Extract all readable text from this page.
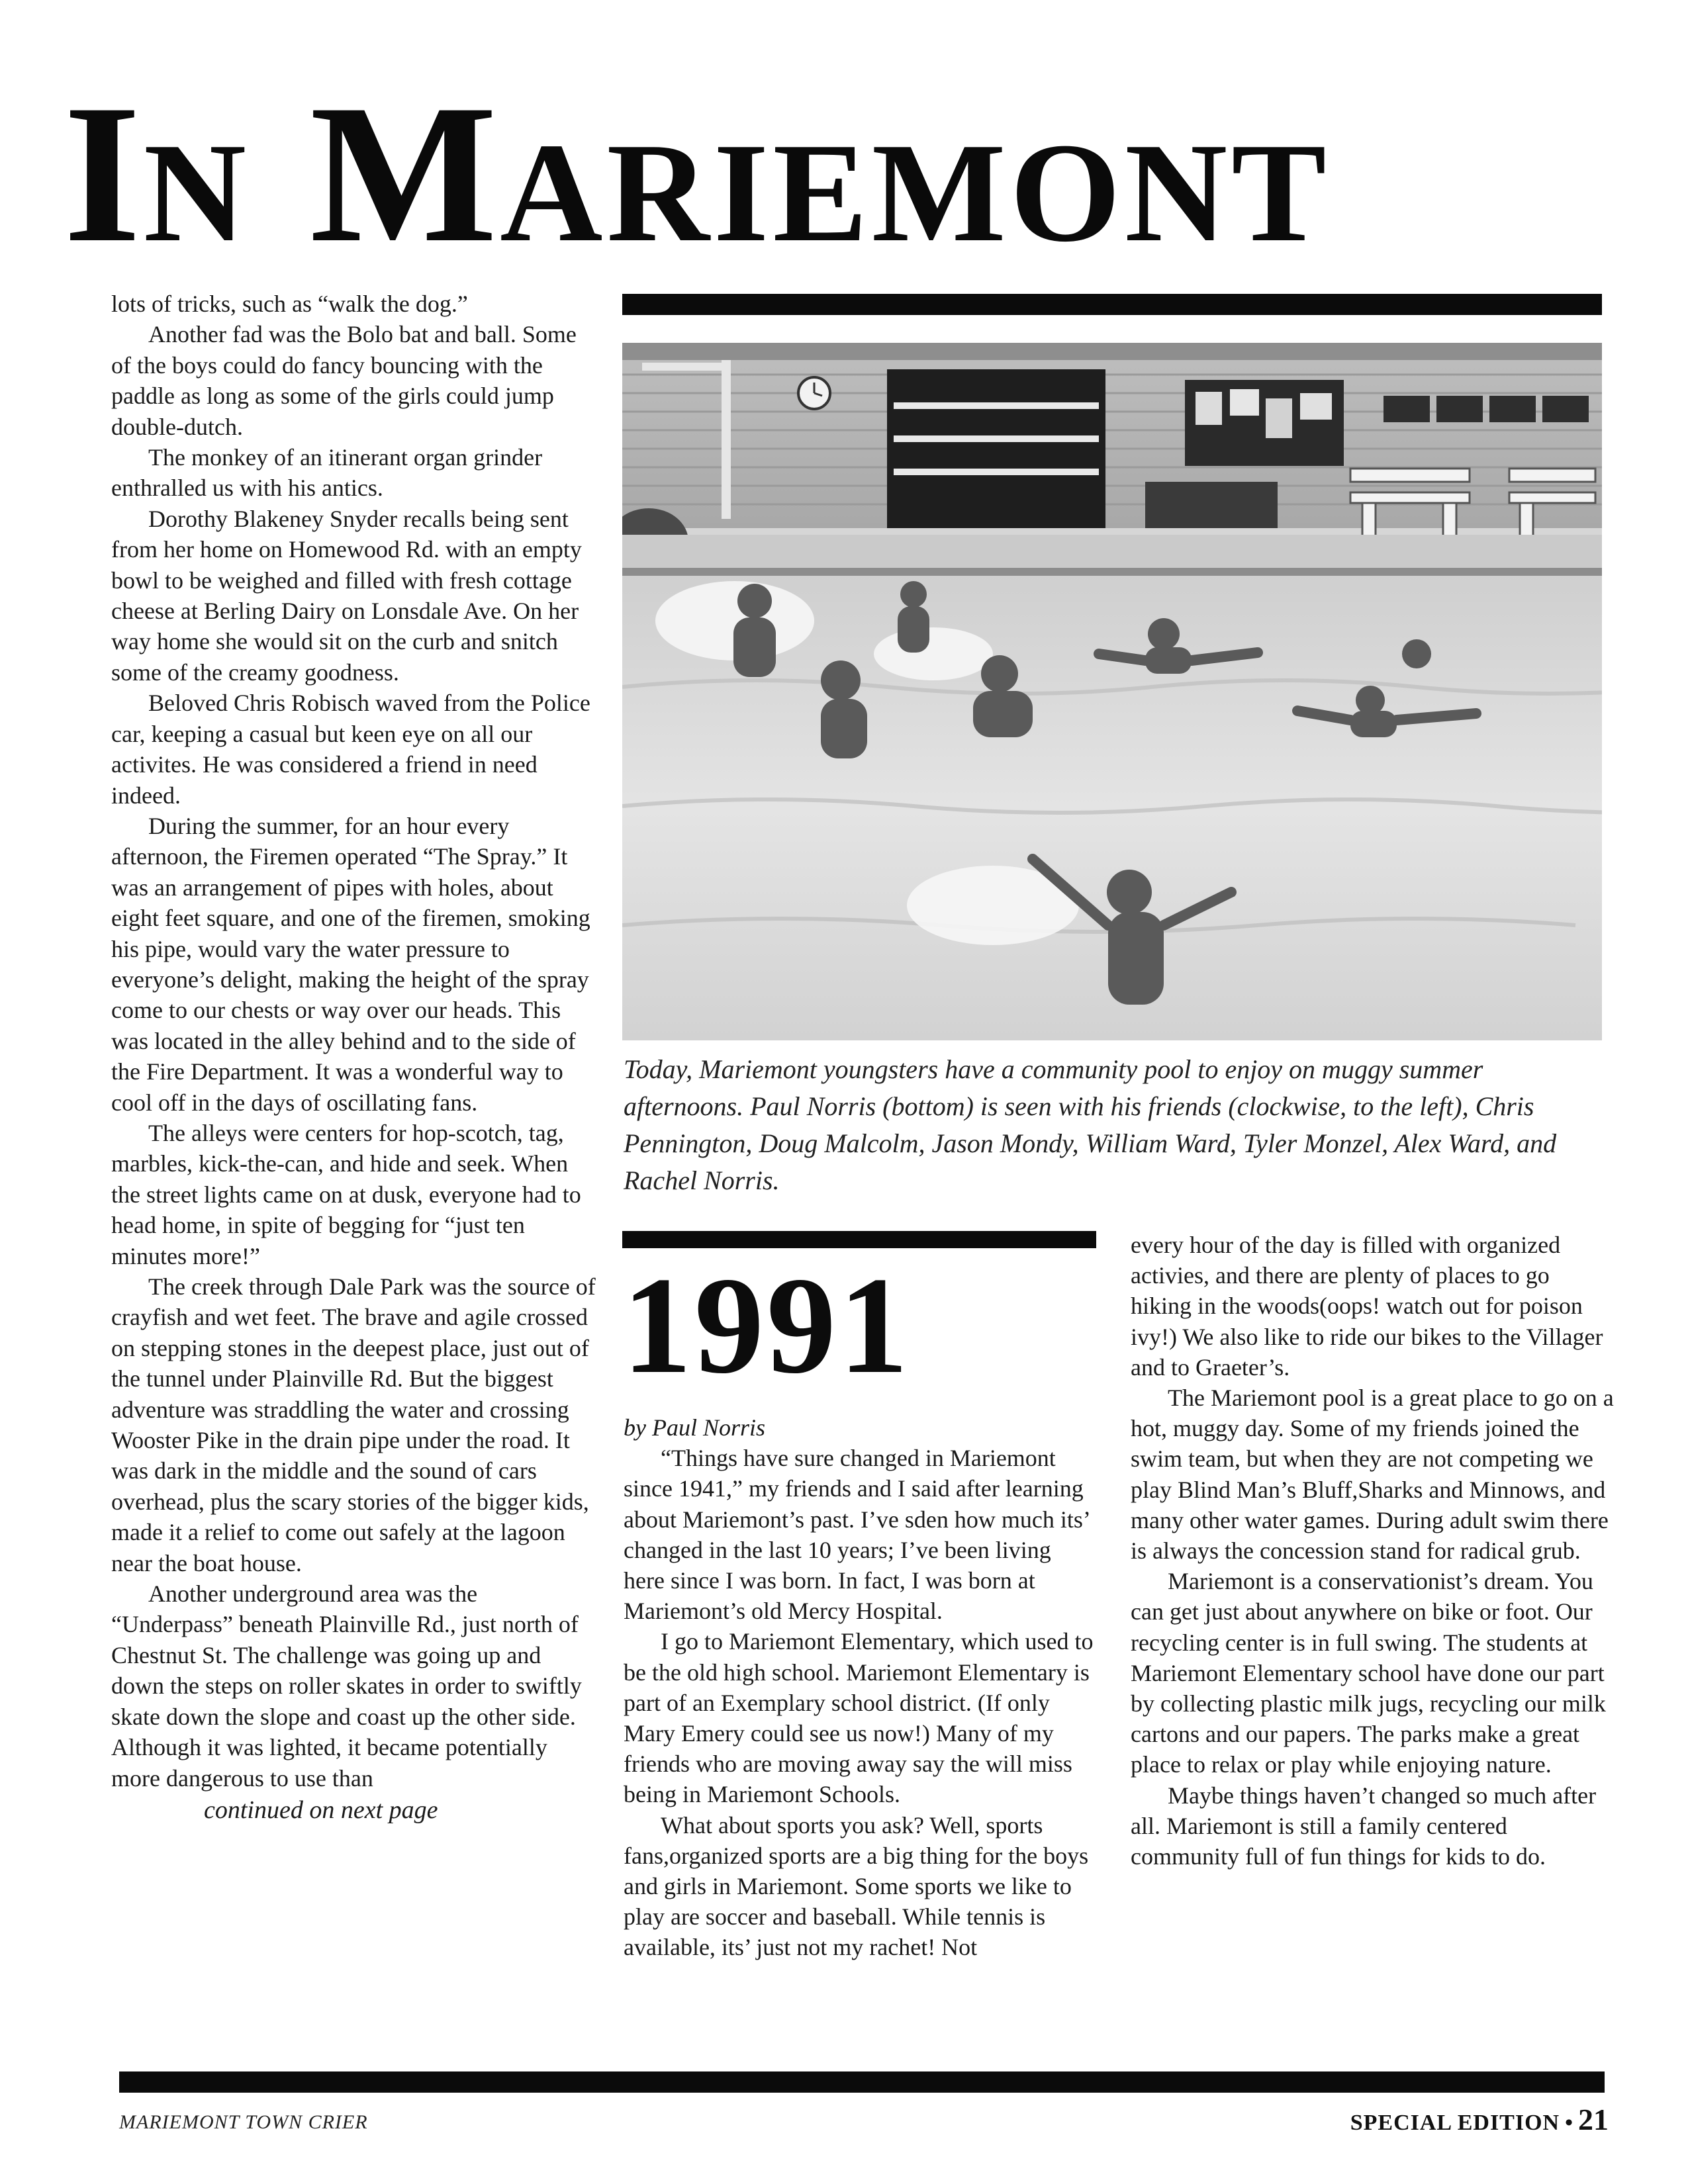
IN MARIEMONT

lots of tricks, such as “walk the dog.”

Another fad was the Bolo bat and ball. Some of the boys could do fancy bouncing with the paddle as long as some of the girls could jump double-dutch.

The monkey of an itinerant organ grinder enthralled us with his antics.

Dorothy Blakeney Snyder recalls being sent from her home on Homewood Rd. with an empty bowl to be weighed and filled with fresh cottage cheese at Berling Dairy on Lonsdale Ave. On her way home she would sit on the curb and snitch some of the creamy goodness.

Beloved Chris Robisch waved from the Police car, keeping a casual but keen eye on all our activites. He was considered a friend in need indeed.

During the summer, for an hour every afternoon, the Firemen operated “The Spray.” It was an arrangement of pipes with holes, about eight feet square, and one of the firemen, smoking his pipe, would vary the water pressure to everyone’s delight, making the height of the spray come to our chests or way over our heads. This was located in the alley behind and to the side of the Fire Department. It was a wonderful way to cool off in the days of oscillating fans.

The alleys were centers for hop-scotch, tag, marbles, kick-the-can, and hide and seek. When the street lights came on at dusk, everyone had to head home, in spite of begging for “just ten minutes more!”

The creek through Dale Park was the source of crayfish and wet feet. The brave and agile crossed on stepping stones in the deepest place, just out of the tunnel under Plainville Rd. But the biggest adventure was straddling the water and crossing Wooster Pike in the drain pipe under the road. It was dark in the middle and the sound of cars overhead, plus the scary stories of the bigger kids, made it a relief to come out safely at the lagoon near the boat house.

Another underground area was the “Underpass” beneath Plainville Rd., just north of Chestnut St. The challenge was going up and down the steps on roller skates in order to swiftly skate down the slope and coast up the other side. Although it was lighted, it became potentially more dangerous to use than

continued on next page
Today, Mariemont youngsters have a community pool to enjoy on muggy summer afternoons. Paul Norris (bottom) is seen with his friends (clockwise, to the left), Chris Pennington, Doug Malcolm, Jason Mondy, William Ward, Tyler Monzel, Alex Ward, and Rachel Norris.
1991

by Paul Norris

“Things have sure changed in Mariemont since 1941,” my friends and I said after learning about Mariemont’s past. I’ve sden how much its’ changed in the last 10 years; I’ve been living here since I was born. In fact, I was born at Mariemont’s old Mercy Hospital.

I go to Mariemont Elementary, which used to be the old high school. Mariemont Elementary is part of an Exemplary school district. (If only Mary Emery could see us now!) Many of my friends who are moving away say the will miss being in Mariemont Schools.

What about sports you ask? Well, sports fans,organized sports are a big thing for the boys and girls in Mariemont. Some sports we like to play are soccer and baseball. While tennis is available, its’ just not my rachet! Not

every hour of the day is filled with organized activies, and there are plenty of places to go hiking in the woods(oops! watch out for poison ivy!) We also like to ride our bikes to the Villager and to Graeter’s.

The Mariemont pool is a great place to go on a hot, muggy day. Some of my friends joined the swim team, but when they are not competing we play Blind Man’s Bluff,Sharks and Minnows, and many other water games. During adult swim there is always the concession stand for radical grub.

Mariemont is a conservationist’s dream. You can get just about anywhere on bike or foot. Our recycling center is in full swing. The students at Mariemont Elementary school have done our part by collecting plastic milk jugs, recycling our milk cartons and our papers. The parks make a great place to relax or play while enjoying nature.

Maybe things haven’t changed so much after all. Mariemont is still a family centered community full of fun things for kids to do.

MARIEMONT TOWN CRIER	SPECIAL EDITION • 21
